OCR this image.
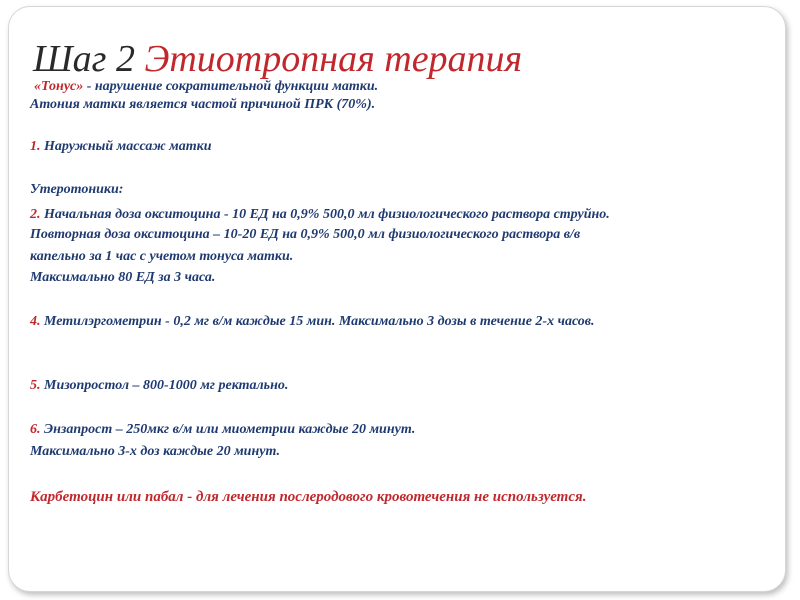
Шаг 2 Этиотропная терапия
«Тонус» - нарушение сократительной функции матки.
Атония матки является частой причиной ПРК (70%).
1. Наружный массаж матки
Утеротоники:
2. Начальная доза окситоцина - 10 ЕД на 0,9% 500,0 мл физиологического раствора струйно.
Повторная доза окситоцина – 10-20 ЕД на 0,9% 500,0 мл физиологического раствора в/в
капельно за 1 час с учетом тонуса матки.
Максимально 80 ЕД за 3 часа.
4. Метилэргометрин - 0,2 мг в/м каждые 15 мин. Максимально 3 дозы в течение 2-х часов.
5. Мизопростол – 800-1000 мг ректально.
6. Энзапрост – 250мкг в/м или миометрии каждые 20 минут.
Максимально 3-х доз каждые 20 минут.
Карбетоцин или пабал - для лечения послеродового кровотечения не используется.
